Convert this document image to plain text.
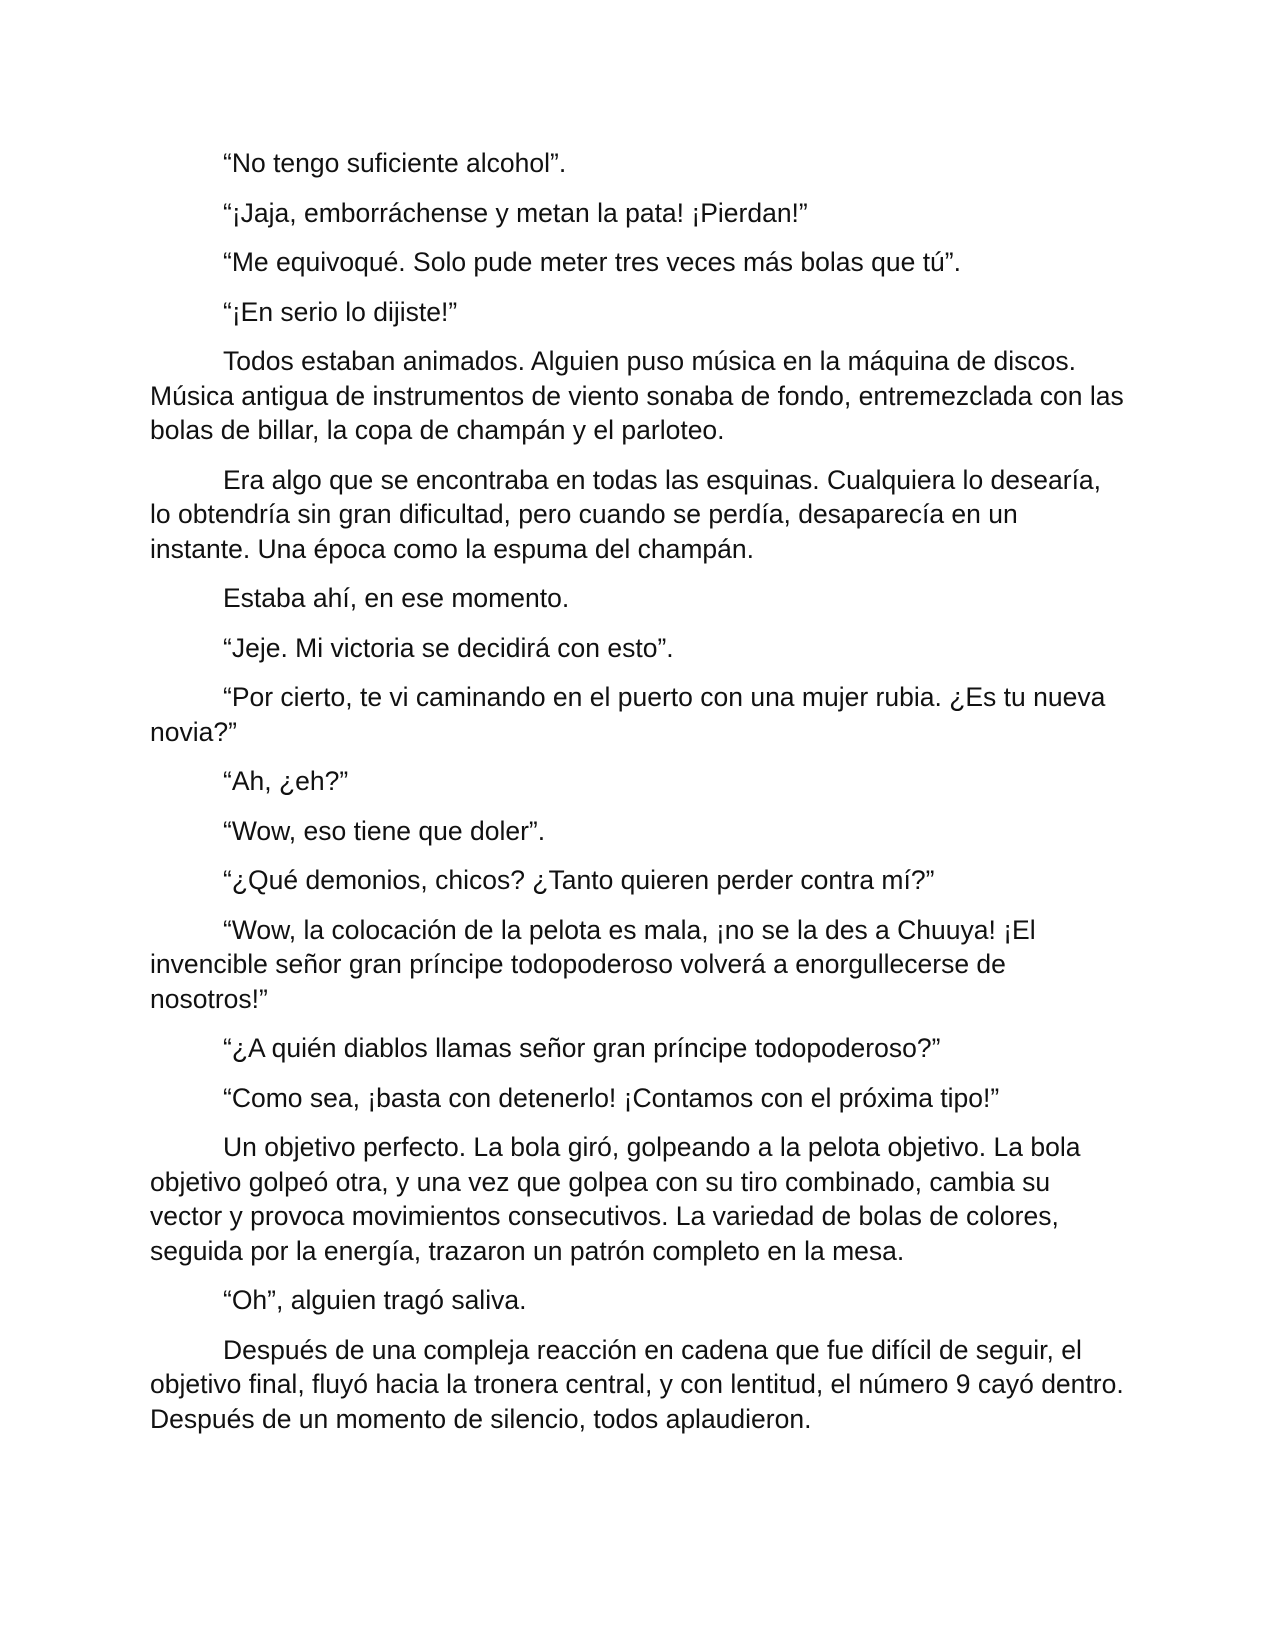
“No tengo suficiente alcohol”.

“¡Jaja, emborráchense y metan la pata! ¡Pierdan!”

“Me equivoqué. Solo pude meter tres veces más bolas que tú”.

“¡En serio lo dijiste!”

Todos estaban animados. Alguien puso música en la máquina de discos. Música antigua de instrumentos de viento sonaba de fondo, entremezclada con las bolas de billar, la copa de champán y el parloteo.

Era algo que se encontraba en todas las esquinas. Cualquiera lo desearía, lo obtendría sin gran dificultad, pero cuando se perdía, desaparecía en un instante. Una época como la espuma del champán.

Estaba ahí, en ese momento.

“Jeje. Mi victoria se decidirá con esto”.

“Por cierto, te vi caminando en el puerto con una mujer rubia. ¿Es tu nueva novia?”

“Ah, ¿eh?”

“Wow, eso tiene que doler”.

“¿Qué demonios, chicos? ¿Tanto quieren perder contra mí?”

“Wow, la colocación de la pelota es mala, ¡no se la des a Chuuya! ¡El invencible señor gran príncipe todopoderoso volverá a enorgullecerse de nosotros!”

“¿A quién diablos llamas señor gran príncipe todopoderoso?”

“Como sea, ¡basta con detenerlo! ¡Contamos con el próxima tipo!”

Un objetivo perfecto. La bola giró, golpeando a la pelota objetivo. La bola objetivo golpeó otra, y una vez que golpea con su tiro combinado, cambia su vector y provoca movimientos consecutivos. La variedad de bolas de colores, seguida por la energía, trazaron un patrón completo en la mesa.

“Oh”, alguien tragó saliva.

Después de una compleja reacción en cadena que fue difícil de seguir, el objetivo final, fluyó hacia la tronera central, y con lentitud, el número 9 cayó dentro. Después de un momento de silencio, todos aplaudieron.
